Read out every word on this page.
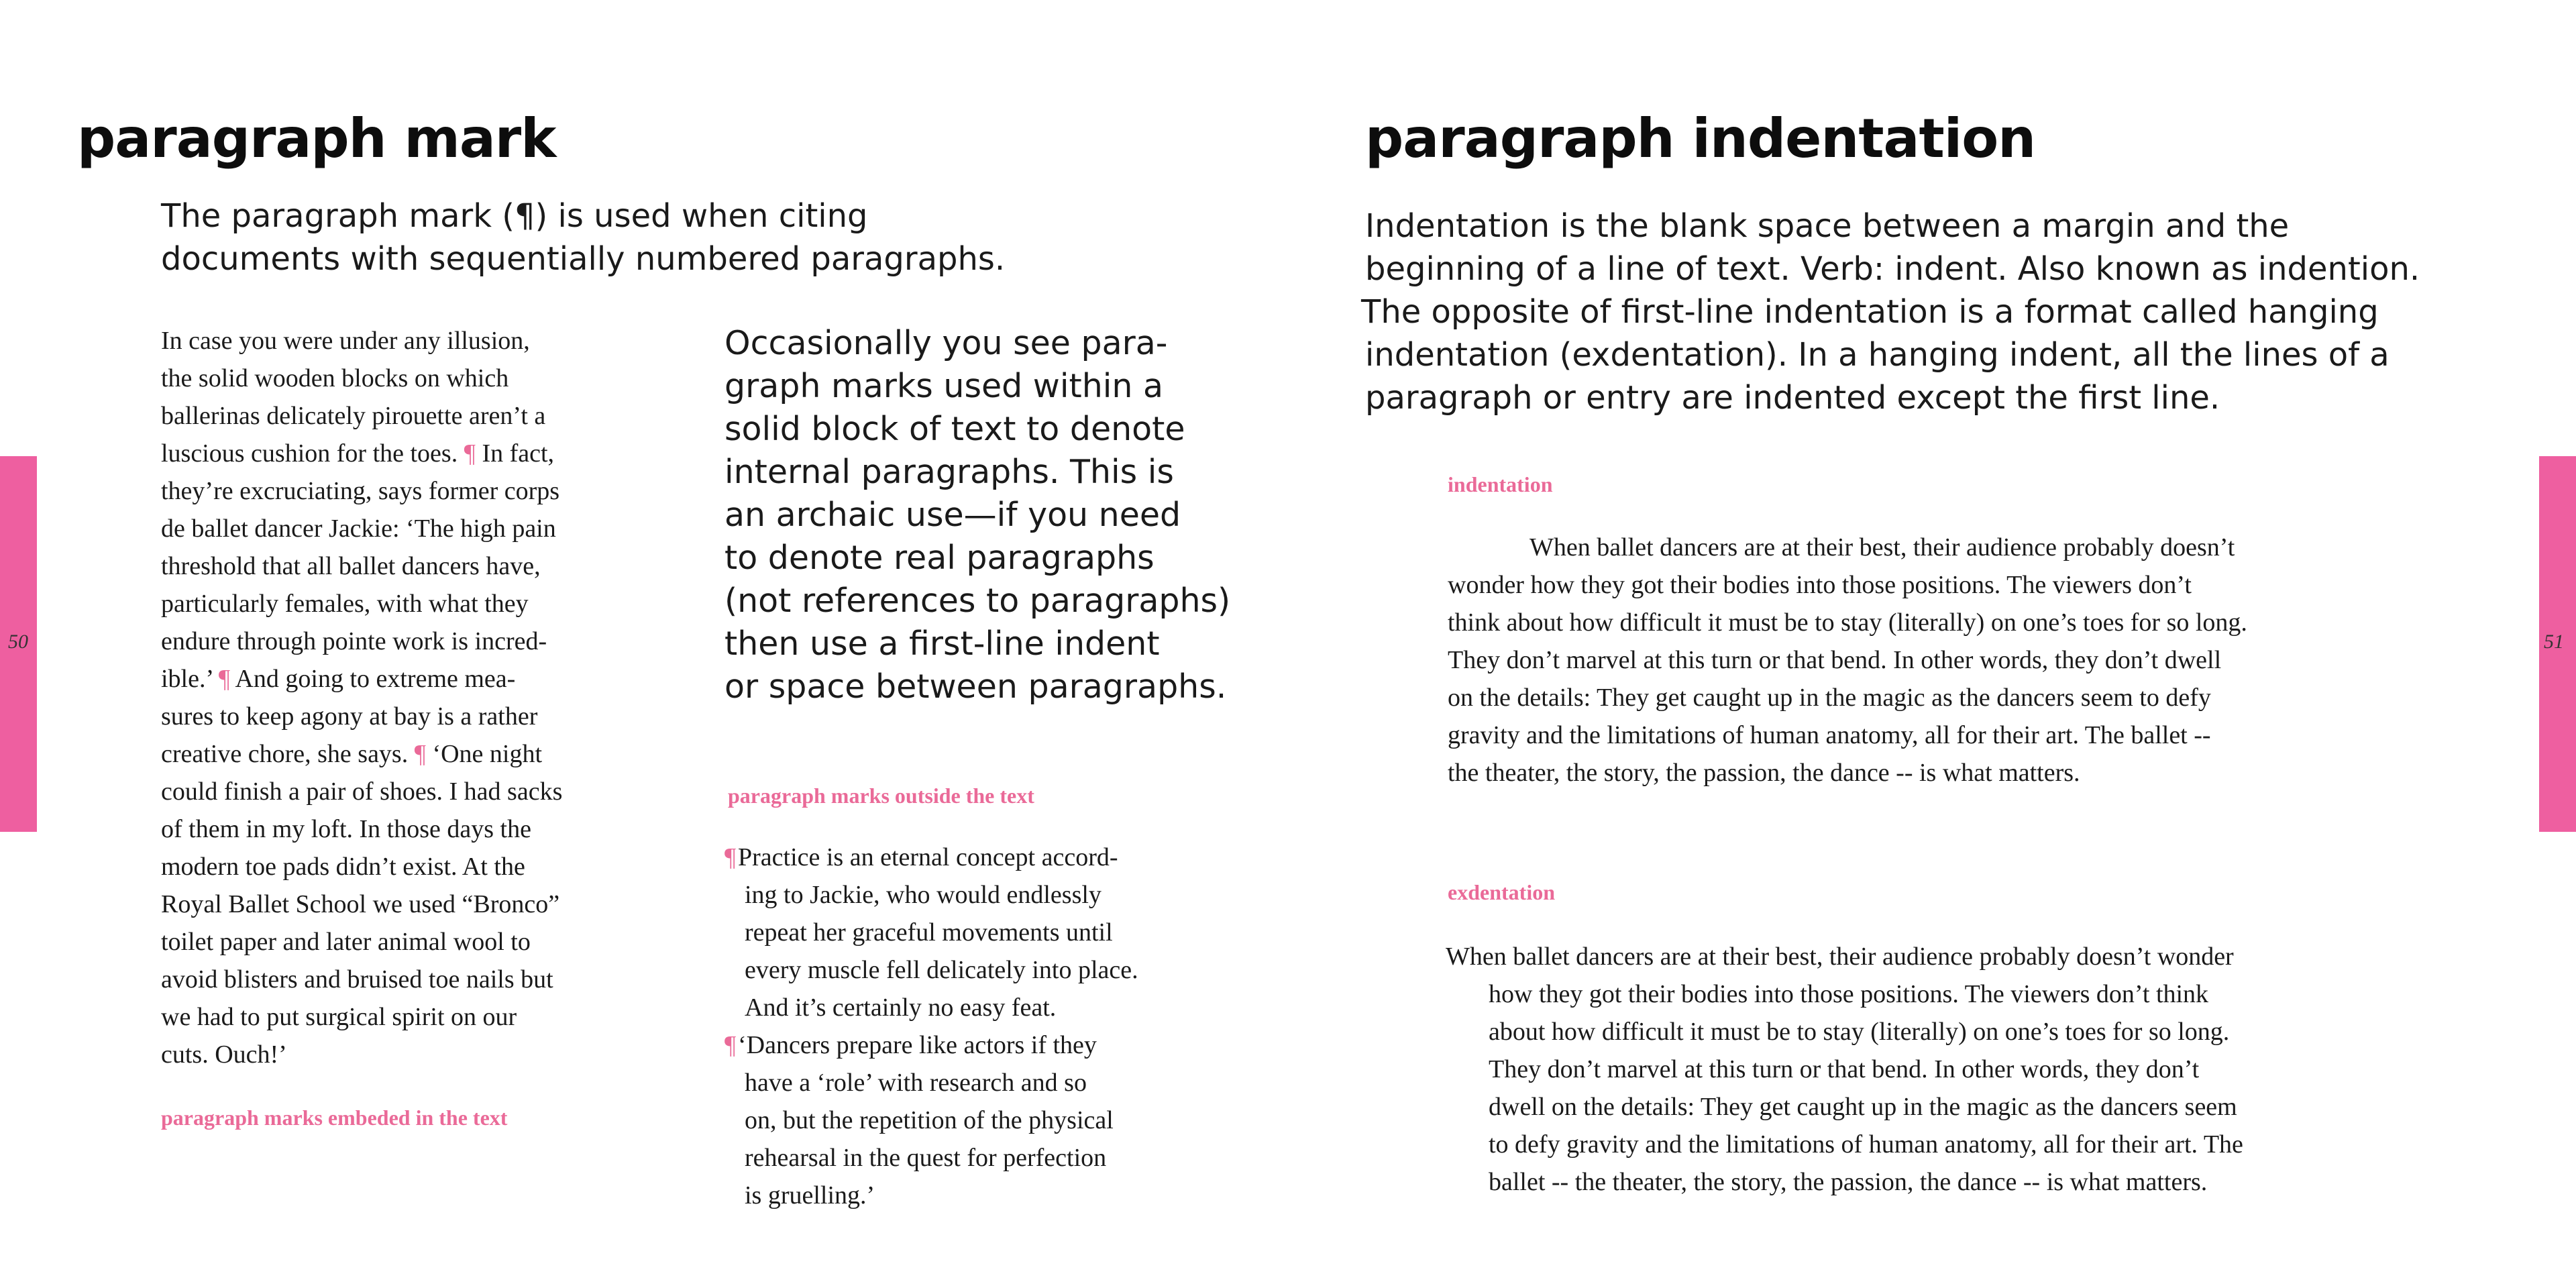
50	51
paragraph mark
The paragraph mark (¶) is used when citing
documents with sequentially numbered paragraphs.
In case you were under any illusion,
the solid wooden blocks on which
ballerinas delicately pirouette aren’t a
luscious cushion for the toes. ¶ In fact,
they’re excruciating, says former corps
de ballet dancer Jackie: ‘The high pain
threshold that all ballet dancers have,
particularly females, with what they
endure through pointe work is incred-
ible.’ ¶ And going to extreme mea-
sures to keep agony at bay is a rather
creative chore, she says. ¶ ‘One night
could finish a pair of shoes. I had sacks
of them in my loft. In those days the
modern toe pads didn’t exist. At the
Royal Ballet School we used “Bronco”
toilet paper and later animal wool to
avoid blisters and bruised toe nails but
we had to put surgical spirit on our
cuts. Ouch!’
paragraph marks embeded in the text
Occasionally you see para-
graph marks used within a
solid block of text to denote
internal paragraphs. This is
an archaic use—if you need
to denote real paragraphs
(not references to paragraphs)
then use a first-line indent
or space between paragraphs.
paragraph marks outside the text
¶ Practice is an eternal concept accord-
ing to Jackie, who would endlessly
repeat her graceful movements until
every muscle fell delicately into place.
And it’s certainly no easy feat.
¶ ‘Dancers prepare like actors if they
have a ‘role’ with research and so
on, but the repetition of the physical
rehearsal in the quest for perfection
is gruelling.’
paragraph indentation
Indentation is the blank space between a margin and the
beginning of a line of text. Verb: indent. Also known as indention.
The opposite of first-line indentation is a format called hanging
indentation (exdentation). In a hanging indent, all the lines of a
paragraph or entry are indented except the first line.
indentation
When ballet dancers are at their best, their audience probably doesn’t
wonder how they got their bodies into those positions. The viewers don’t
think about how difficult it must be to stay (literally) on one’s toes for so long.
They don’t marvel at this turn or that bend. In other words, they don’t dwell
on the details: They get caught up in the magic as the dancers seem to defy
gravity and the limitations of human anatomy, all for their art. The ballet --
the theater, the story, the passion, the dance -- is what matters.
exdentation
When ballet dancers are at their best, their audience probably doesn’t wonder
how they got their bodies into those positions. The viewers don’t think
about how difficult it must be to stay (literally) on one’s toes for so long.
They don’t marvel at this turn or that bend. In other words, they don’t
dwell on the details: They get caught up in the magic as the dancers seem
to defy gravity and the limitations of human anatomy, all for their art. The
ballet -- the theater, the story, the passion, the dance -- is what matters.
